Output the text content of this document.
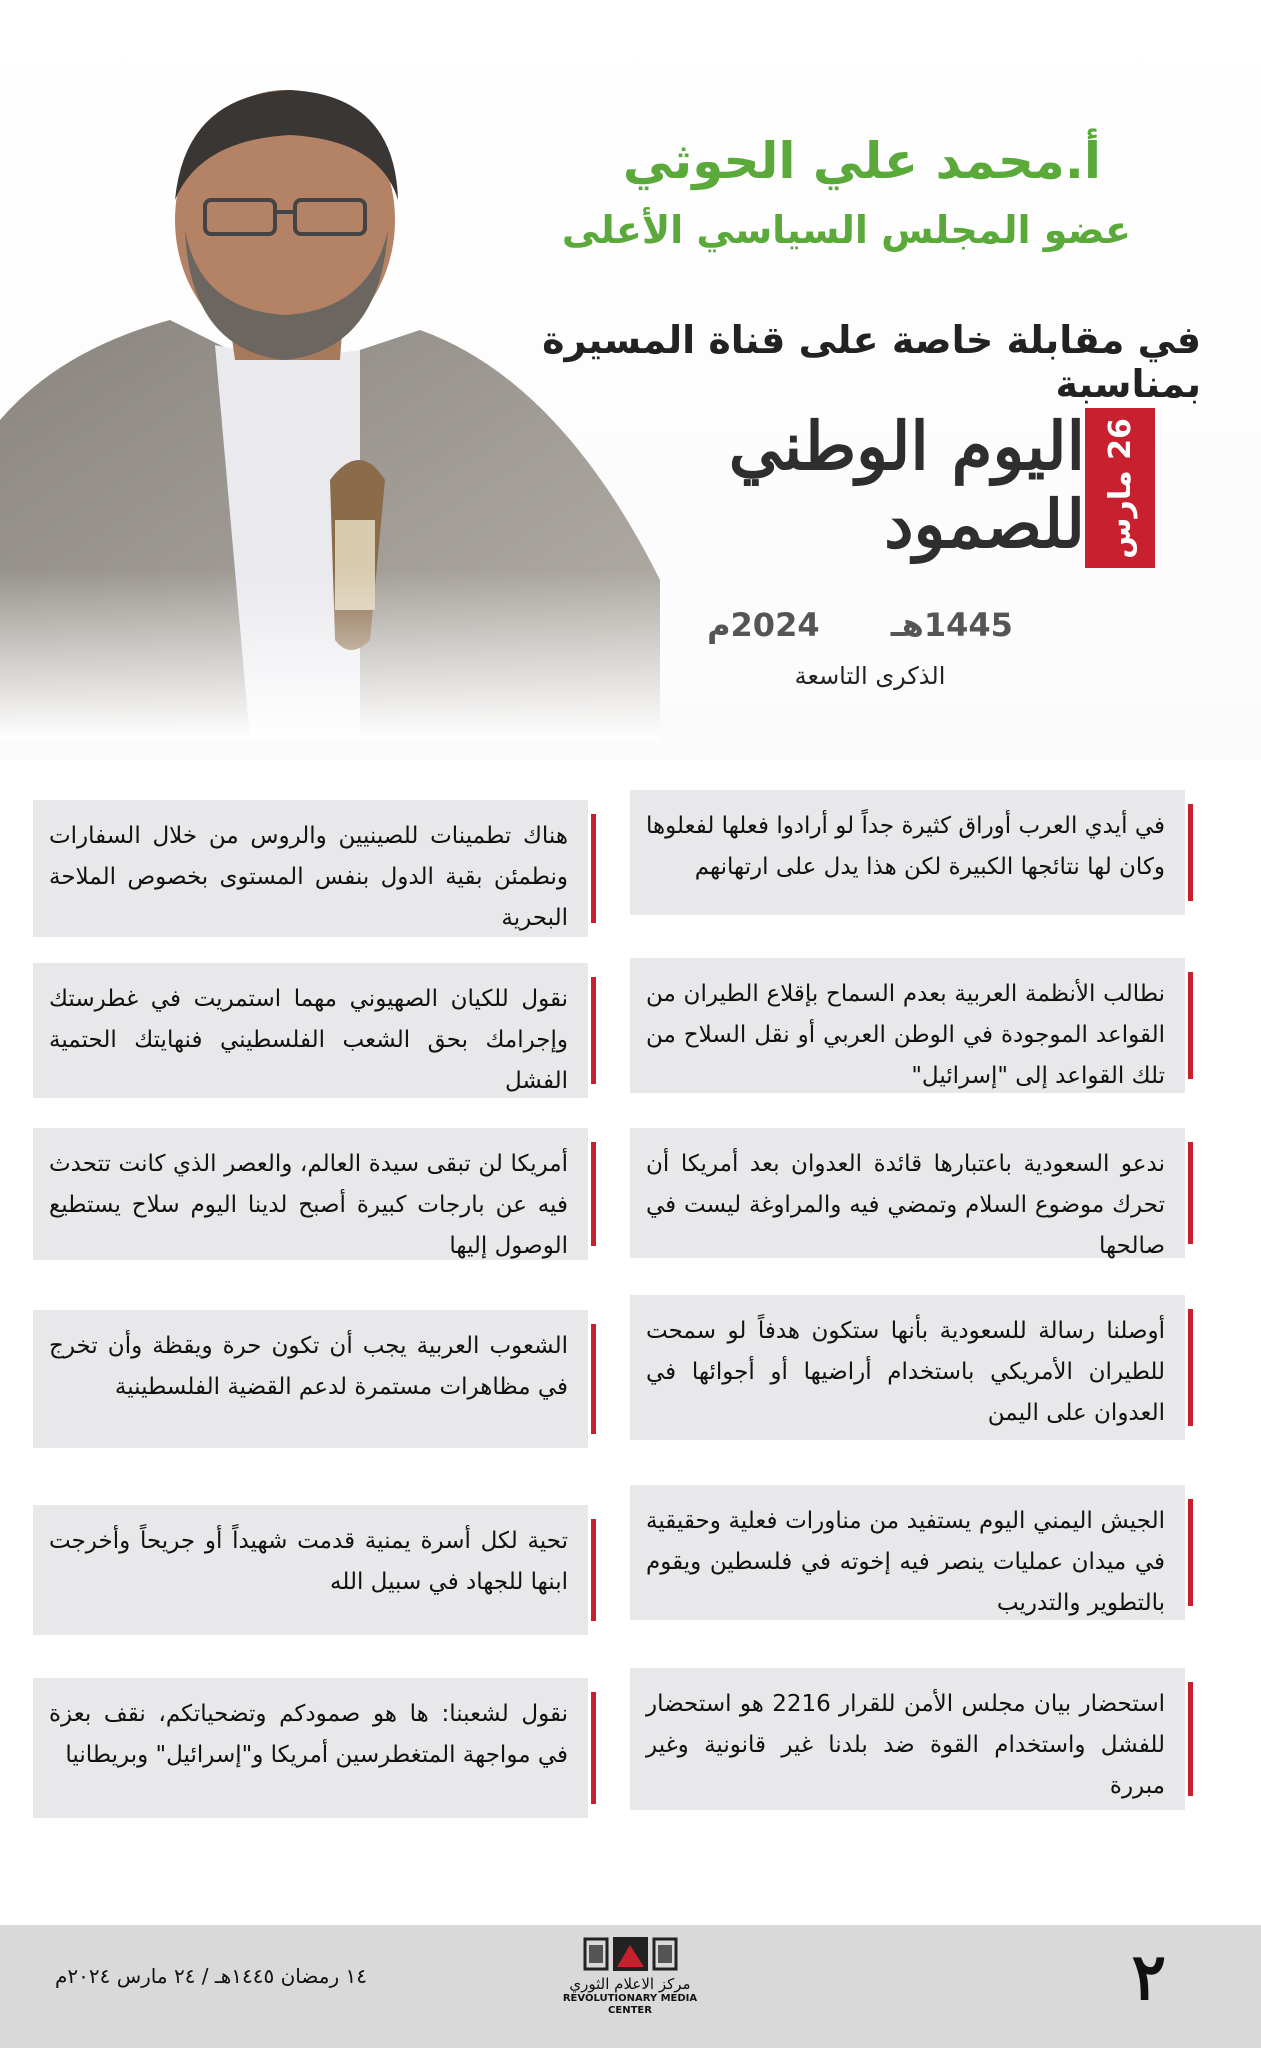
أ.محمد علي الحوثي
عضو المجلس السياسي الأعلى
في مقابلة خاصة على قناة المسيرة بمناسبة
26 مارس
اليوم الوطني للصمود
1445هـ 2024م
الذكرى التاسعة
في أيدي العرب أوراق كثيرة جداً لو أرادوا فعلها لفعلوها وكان لها نتائجها الكبيرة لكن هذا يدل على ارتهانهم
نطالب الأنظمة العربية بعدم السماح بإقلاع الطيران من القواعد الموجودة في الوطن العربي أو نقل السلاح من تلك القواعد إلى "إسرائيل"
ندعو السعودية باعتبارها قائدة العدوان بعد أمريكا أن تحرك موضوع السلام وتمضي فيه والمراوغة ليست في صالحها
أوصلنا رسالة للسعودية بأنها ستكون هدفاً لو سمحت للطيران الأمريكي باستخدام أراضيها أو أجوائها في العدوان على اليمن
الجيش اليمني اليوم يستفيد من مناورات فعلية وحقيقية في ميدان عمليات ينصر فيه إخوته في فلسطين ويقوم بالتطوير والتدريب
استحضار بيان مجلس الأمن للقرار 2216 هو استحضار للفشل واستخدام القوة ضد بلدنا غير قانونية وغير مبررة
هناك تطمينات للصينيين والروس من خلال السفارات ونطمئن بقية الدول بنفس المستوى بخصوص الملاحة البحرية
نقول للكيان الصهيوني مهما استمريت في غطرستك وإجرامك بحق الشعب الفلسطيني فنهايتك الحتمية الفشل
أمريكا لن تبقى سيدة العالم، والعصر الذي كانت تتحدث فيه عن بارجات كبيرة أصبح لدينا اليوم سلاح يستطيع الوصول إليها
الشعوب العربية يجب أن تكون حرة ويقظة وأن تخرج في مظاهرات مستمرة لدعم القضية الفلسطينية
تحية لكل أسرة يمنية قدمت شهيداً أو جريحاً وأخرجت ابنها للجهاد في سبيل الله
نقول لشعبنا: ها هو صمودكم وتضحياتكم، نقف بعزة في مواجهة المتغطرسين أمريكا و"إسرائيل" وبريطانيا
٢
١٤ رمضان ١٤٤٥هـ / ٢٤ مارس ٢٠٢٤م	مركز الاعلام الثوري
REVOLUTIONARY MEDIA
CENTER
